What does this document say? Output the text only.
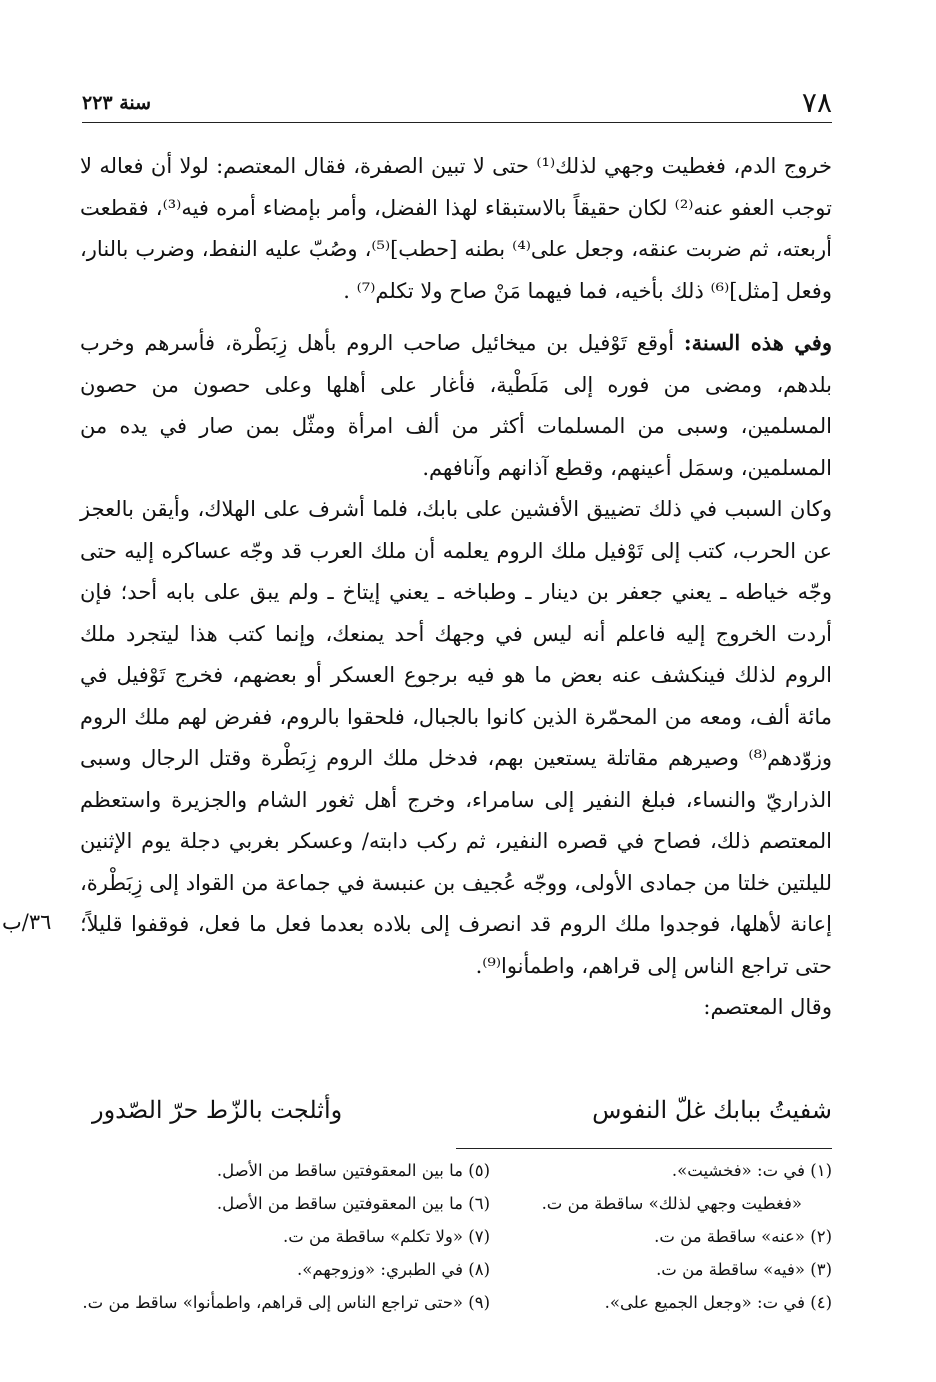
٧٨
سنة ٢٢٣

خروج الدم، فغطيت وجهي لذلك⁽¹⁾ حتى لا تبين الصفرة، فقال المعتصم: لولا أن فعاله لا توجب العفو عنه⁽²⁾ لكان حقيقاً بالاستبقاء لهذا الفضل، وأمر بإمضاء أمره فيه⁽³⁾، فقطعت أربعته، ثم ضربت عنقه، وجعل على⁽⁴⁾ بطنه [حطب]⁽⁵⁾، وصُبّ عليه النفط، وضرب بالنار، وفعل [مثل]⁽⁶⁾ ذلك بأخيه، فما فيهما مَنْ صاح ولا تكلم⁽⁷⁾ .

وفي هذه السنة: أوقع تَوْفيل بن ميخائيل صاحب الروم بأهل زِبَطْرة، فأسرهم وخرب بلدهم، ومضى من فوره إلى مَلَطْية، فأغار على أهلها وعلى حصون من حصون المسلمين، وسبى من المسلمات أكثر من ألف امرأة ومثّل بمن صار في يده من المسلمين، وسمَل أعينهم، وقطع آذانهم وآنافهم.

وكان السبب في ذلك تضييق الأفشين على بابك، فلما أشرف على الهلاك، وأيقن بالعجز عن الحرب، كتب إلى تَوْفيل ملك الروم يعلمه أن ملك العرب قد وجّه عساكره إليه حتى وجّه خياطه ـ يعني جعفر بن دينار ـ وطباخه ـ يعني إيتاخ ـ ولم يبق على بابه أحد؛ فإن أردت الخروج إليه فاعلم أنه ليس في وجهك أحد يمنعك، وإنما كتب هذا ليتجرد ملك الروم لذلك فينكشف عنه بعض ما هو فيه برجوع العسكر أو بعضهم، فخرج تَوْفيل في مائة ألف، ومعه من المحمّرة الذين كانوا بالجبال، فلحقوا بالروم، ففرض لهم ملك الروم وزوّدهم⁽⁸⁾ وصيرهم مقاتلة يستعين بهم، فدخل ملك الروم زِبَطْرة وقتل الرجال وسبى الذراريّ والنساء، فبلغ النفير إلى سامراء، وخرج أهل ثغور الشام والجزيرة واستعظم المعتصم ذلك، فصاح في قصره النفير، ثم ركب دابته/ وعسكر بغربي دجلة يوم الإثنين لليلتين خلتا من جمادى الأولى، ووجّه عُجيف بن عنبسة في جماعة من القواد إلى زِبَطْرة، إعانة لأهلها، فوجدوا ملك الروم قد انصرف إلى بلاده بعدما فعل ما فعل، فوقفوا قليلاً؛ حتى تراجع الناس إلى قراهم، واطمأنوا⁽⁹⁾.

وقال المعتصم:

٣٦/ب
شفيتُ ببابك غلّ النفوس
وأثلجت بالزّط حرّ الصّدور

(١) في ت: «فخشيت».

«فغطيت وجهي لذلك» ساقطة من ت.

(٢) «عنه» ساقطة من ت.

(٣) «فيه» ساقطة من ت.

(٤) في ت: «وجعل الجميع على».

(٥) ما بين المعقوفتين ساقط من الأصل.

(٦) ما بين المعقوفتين ساقط من الأصل.

(٧) «ولا تكلم» ساقطة من ت.

(٨) في الطبري: «وزوجهم».

(٩) «حتى تراجع الناس إلى قراهم، واطمأنوا» ساقط من ت.
